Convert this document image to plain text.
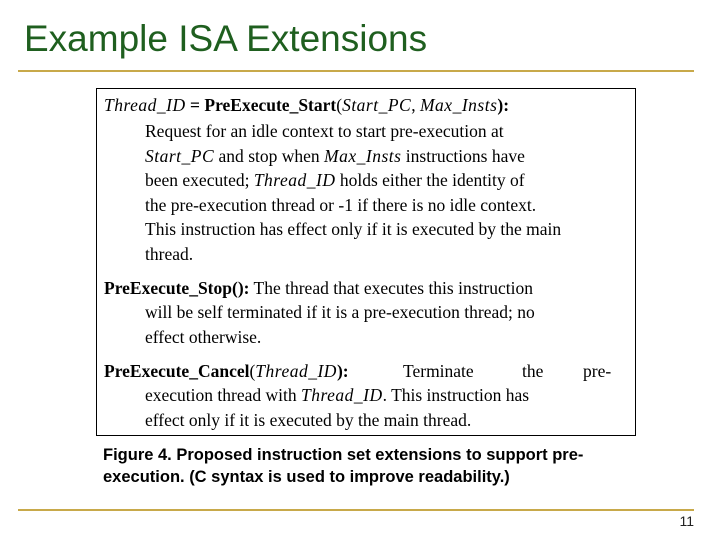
Example ISA Extensions
Thread_ID = PreExecute_Start(Start_PC, Max_Insts):
Request for an idle context to start pre-execution at
Start_PC and stop when Max_Insts instructions have
been executed; Thread_ID holds either the identity of
the pre-execution thread or -1 if there is no idle context.
This instruction has effect only if it is executed by the main
thread.
PreExecute_Stop(): The thread that executes this instruction
will be self terminated if it is a pre-execution thread; no
effect otherwise.
PreExecute_Cancel(Thread_ID):	Terminate	the pre-
execution thread with Thread_ID. This instruction has
effect only if it is executed by the main thread.
Figure 4. Proposed instruction set extensions to support pre-
execution. (C syntax is used to improve readability.)
11
